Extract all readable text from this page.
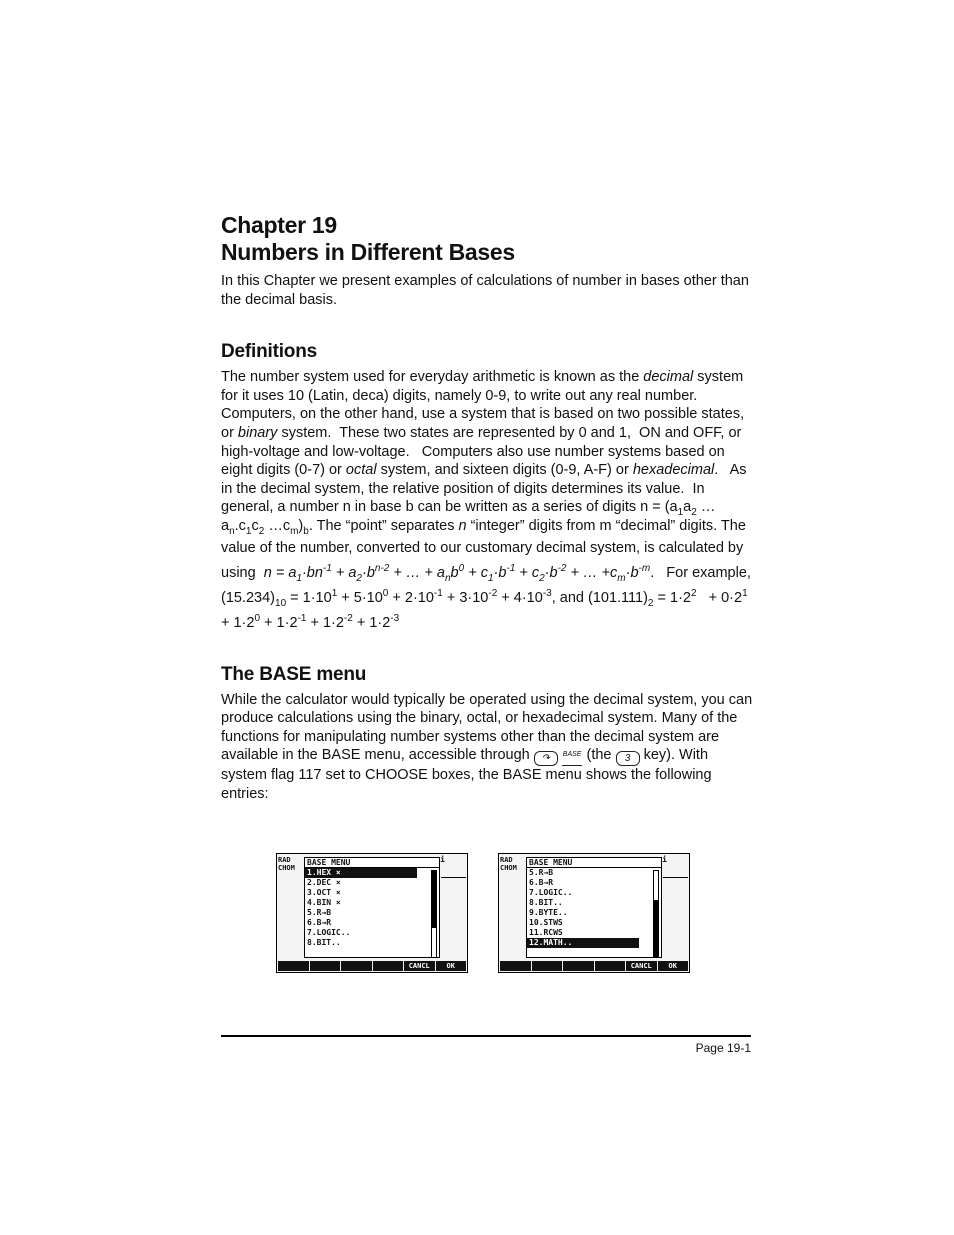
Chapter 19
Numbers in Different Bases

In this Chapter we present examples of calculations of number in bases other than the decimal basis.

Definitions

The number system used for everyday arithmetic is known as the decimal system for it uses 10 (Latin, deca) digits, namely 0-9, to write out any real number. Computers, on the other hand, use a system that is based on two possible states, or binary system.  These two states are represented by 0 and 1,  ON and OFF, or high-voltage and low-voltage.   Computers also use number systems based on eight digits (0-7) or octal system, and sixteen digits (0-9, A-F) or hexadecimal.   As in the decimal system, the relative position of digits determines its value.  In general, a number n in base b can be written as a series of digits $n = (a_1a_2$ $\dots a_n.c_1c_2$ $\dots c_m)_b$. The “point” separates n “integer” digits from m “decimal” digits. The value of the number, converted to our customary decimal system, is calculated by using  $n = a_1\cdot bn^{-1} + a_2\cdot b^{n-2}$ + … + $a_nb^0 + c_1\cdot b^{-1} + c_2\cdot b^{-2}$ + … $+c_m\cdot b^{-m}$.   For example, $(15.234)_{10} = 1\cdot 10^1 + 5\cdot 10^0 + 2\cdot 10^{-1} + 3\cdot 10^{-2} + 4\cdot 10^{-3}$, and $(101.111)_2 = 1\cdot 2^2 + 0\cdot 2^1 + 1\cdot 2^0 + 1\cdot 2^{-1} + 1\cdot 2^{-2} + 1\cdot 2^{-3}$

The BASE menu

While the calculator would typically be operated using the decimal system, you can produce calculations using the binary, octal, or hexadecimal system. Many of the functions for manipulating number systems other than the decimal system are available in the BASE menu, accessible through ↷ BASE (the 3 key). With system flag 117 set to CHOOSE boxes, the BASE menu shows the following entries:

RAD
CHOM
i
BASE MENU
1.HEX ×
2.DEC ×
3.OCT ×
4.BIN ×
5.R→B
6.B→R
7.LOGIC..
8.BIT..
CANCL	OK
RAD
CHOM
i
BASE MENU
5.R→B
6.B→R
7.LOGIC..
8.BIT..
9.BYTE..
10.STWS
11.RCWS
12.MATH..
CANCL	OK
Page 19-1
